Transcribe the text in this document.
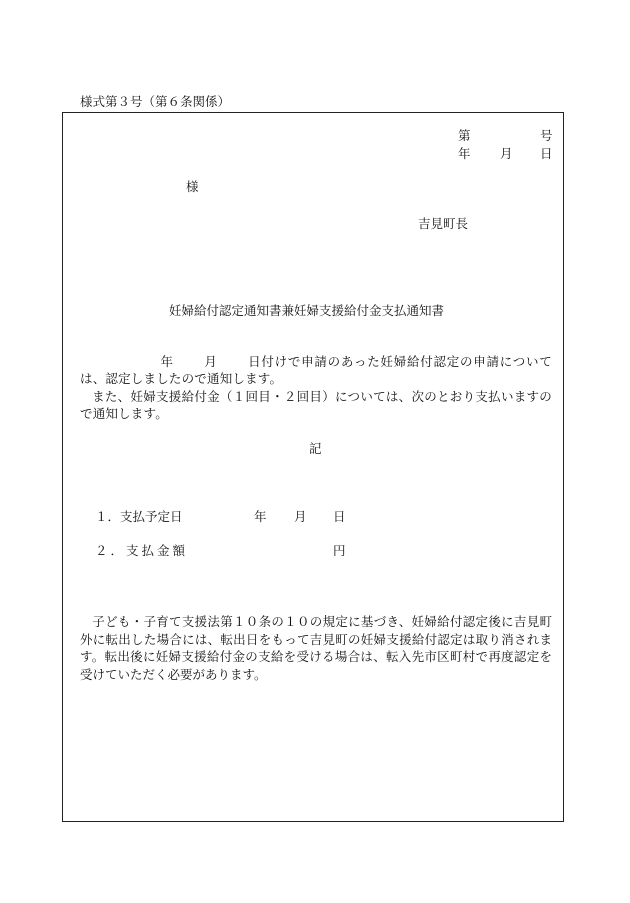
様式第３号（第６条関係）
第	号
年 月 日
様
吉見町長
妊婦給付認定通知書兼妊婦支援給付金支払通知書
年 月 日付けで申請のあった妊婦給付認定の申請については、認定しましたので通知します。
また、妊婦支援給付金（１回目・２回目）については、次のとおり支払いますので通知します。
記
１．支払予定日	年 月 日
２．支払金額	円
子ども・子育て支援法第１０条の１０の規定に基づき、妊婦給付認定後に吉見町外に転出した場合には、転出日をもって吉見町の妊婦支援給付認定は取り消されます。転出後に妊婦支援給付金の支給を受ける場合は、転入先市区町村で再度認定を受けていただく必要があります。
